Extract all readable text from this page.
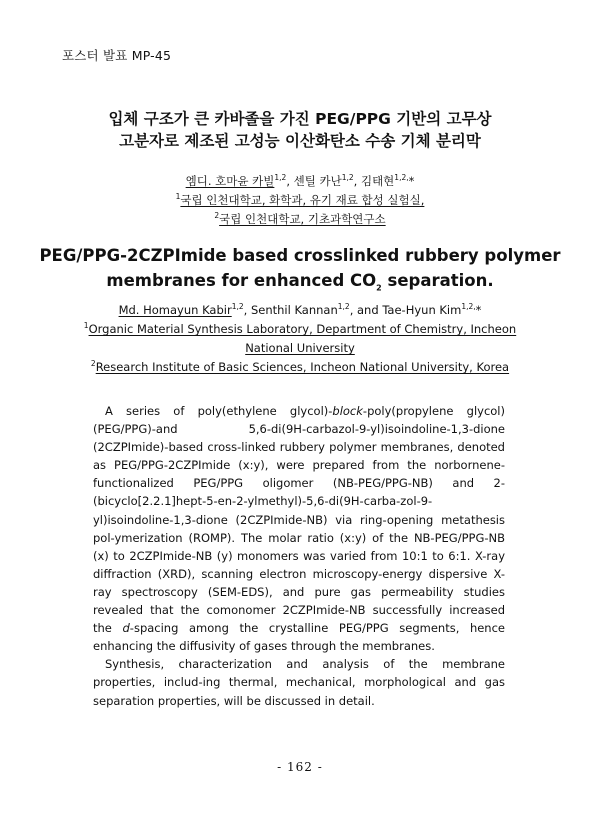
포스터 발표 MP-45
입체 구조가 큰 카바졸을 가진 PEG/PPG 기반의 고무상
고분자로 제조된 고성능 이산화탄소 수송 기체 분리막
엠디. 호마윤 카빌$^{1,2}$, 센틸 카난$^{1,2}$, 김태현$^{1,2,}$*
$^1$국립 인천대학교, 화학과, 유기 재료 합성 실험실,
$^2$국립 인천대학교, 기초과학연구소
PEG/PPG-2CZPImide based crosslinked rubbery polymer
membranes for enhanced $CO_2$ separation.
Md. Homayun Kabir$^{1,2}$, Senthil Kannan$^{1,2}$, and Tae-Hyun Kim$^{1,2,}$*
$^1$Organic Material Synthesis Laboratory, Department of Chemistry, Incheon
National University
$^2$Research Institute of Basic Sciences, Incheon National University, Korea

A series of poly(ethylene glycol)-block-poly(propylene glycol) (PEG/PPG)-and 5,6-di(9H-carbazol-9-yl)isoindoline-1,3-dione (2CZPImide)-based cross-linked rubbery polymer membranes, denoted as PEG/PPG-2CZPImide (x:y), were prepared from the norbornene-functionalized PEG/PPG oligomer (NB-PEG/PPG-NB) and 2-(bicyclo[2.2.1]hept-5-en-2-ylmethyl)-5,6-di(9H-carba-zol-9-yl)isoindoline-1,3-dione (2CZPImide-NB) via ring-opening metathesis pol-ymerization (ROMP). The molar ratio (x:y) of the NB-PEG/PPG-NB (x) to 2CZPImide-NB (y) monomers was varied from 10:1 to 6:1. X-ray diffraction (XRD), scanning electron microscopy-energy dispersive X-ray spectroscopy (SEM-EDS), and pure gas permeability studies revealed that the comonomer 2CZPImide-NB successfully increased the d-spacing among the crystalline PEG/PPG segments, hence enhancing the diffusivity of gases through the membranes.

Synthesis, characterization and analysis of the membrane properties, includ-ing thermal, mechanical, morphological and gas separation properties, will be discussed in detail.

- 162 -
